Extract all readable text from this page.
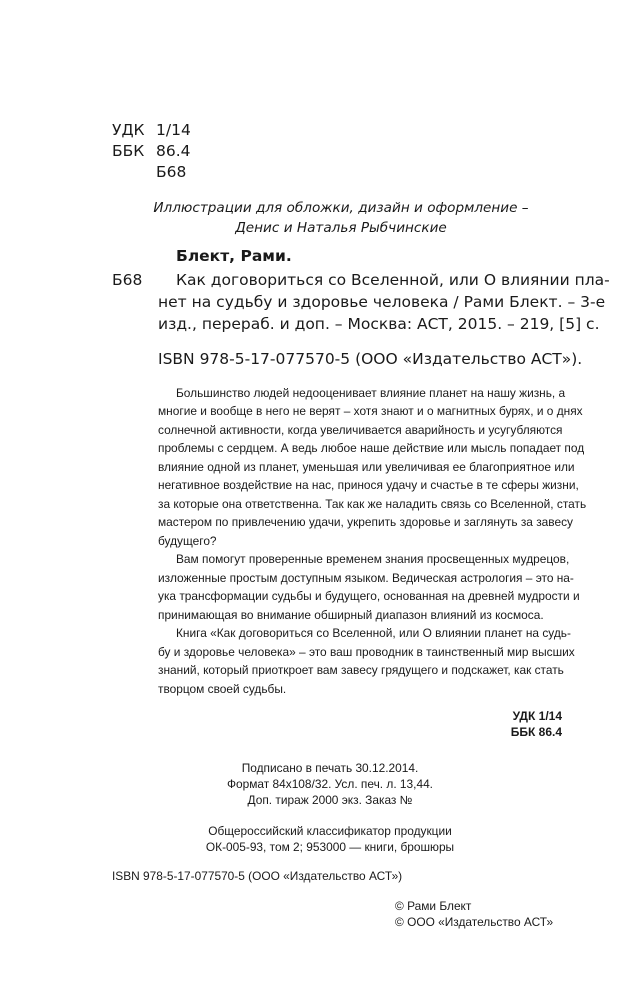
УДК 1/14
ББК 86.4
Б68
Иллюстрации для обложки, дизайн и оформление –
Денис и Наталья Рыбчинские
Блект, Рами.
Б68 Как договориться со Вселенной, или О влиянии пла-
нет на судьбу и здоровье человека / Рами Блект. – 3-е
изд., перераб. и доп. – Москва: АСТ, 2015. – 219, [5] с.
ISBN 978-5-17-077570-5 (ООО «Издательство АСТ»).
Большинство людей недооценивает влияние планет на нашу жизнь, а
многие и вообще в него не верят – хотя знают и о магнитных бурях, и о днях
солнечной активности, когда увеличивается аварийность и усугубляются
проблемы с сердцем. А ведь любое наше действие или мысль попадает под
влияние одной из планет, уменьшая или увеличивая ее благоприятное или
негативное воздействие на нас, принося удачу и счастье в те сферы жизни,
за которые она ответственна. Так как же наладить связь со Вселенной, стать
мастером по привлечению удачи, укрепить здоровье и заглянуть за завесу
будущего?
Вам помогут проверенные временем знания просвещенных мудрецов,
изложенные простым доступным языком. Ведическая астрология – это на-
ука трансформации судьбы и будущего, основанная на древней мудрости и
принимающая во внимание обширный диапазон влияний из космоса.
Книга «Как договориться со Вселенной, или О влиянии планет на судь-
бу и здоровье человека» – это ваш проводник в таинственный мир высших
знаний, который приоткроет вам завесу грядущего и подскажет, как стать
творцом своей судьбы.
УДК 1/14
ББК 86.4
Подписано в печать 30.12.2014.
Формат 84x108/32. Усл. печ. л. 13,44.
Доп. тираж 2000 экз. Заказ №
Общероссийский классификатор продукции
ОК-005-93, том 2; 953000 — книги, брошюры
ISBN 978-5-17-077570-5 (ООО «Издательство АСТ»)
© Рами Блект
© ООО «Издательство АСТ»
